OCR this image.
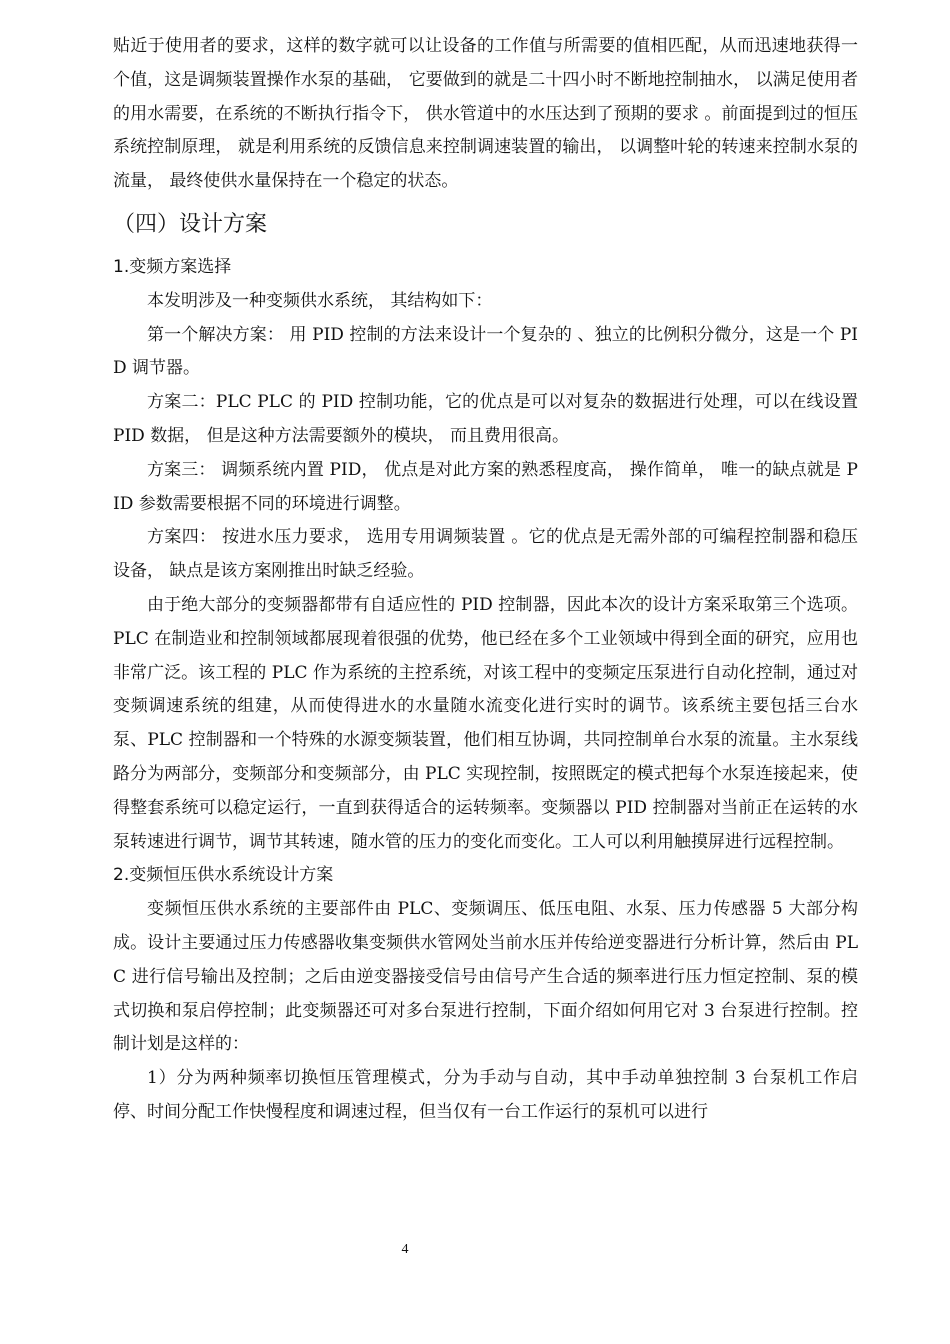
贴近于使用者的要求，这样的数字就可以让设备的工作值与所需要的值相匹配，从而迅速地获得一个值，这是调频装置操作水泵的基础， 它要做到的就是二十四小时不断地控制抽水， 以满足使用者的用水需要，在系统的不断执行指令下， 供水管道中的水压达到了预期的要求 。前面提到过的恒压系统控制原理， 就是利用系统的反馈信息来控制调速装置的输出， 以调整叶轮的转速来控制水泵的流量， 最终使供水量保持在一个稳定的状态。

（四）设计方案
1.变频方案选择

本发明涉及一种变频供水系统， 其结构如下：

第一个解决方案： 用 PID 控制的方法来设计一个复杂的 、独立的比例积分微分，这是一个 PID 调节器。

方案二：PLC PLC 的 PID 控制功能，它的优点是可以对复杂的数据进行处理，可以在线设置 PID 数据， 但是这种方法需要额外的模块， 而且费用很高。

方案三： 调频系统内置 PID， 优点是对此方案的熟悉程度高， 操作简单， 唯一的缺点就是 PID 参数需要根据不同的环境进行调整。

方案四： 按进水压力要求， 选用专用调频装置 。它的优点是无需外部的可编程控制器和稳压设备， 缺点是该方案刚推出时缺乏经验。

由于绝大部分的变频器都带有自适应性的 PID 控制器，因此本次的设计方案采取第三个选项。PLC 在制造业和控制领域都展现着很强的优势，他已经在多个工业领域中得到全面的研究，应用也非常广泛。该工程的 PLC 作为系统的主控系统，对该工程中的变频定压泵进行自动化控制，通过对变频调速系统的组建，从而使得进水的水量随水流变化进行实时的调节。该系统主要包括三台水泵、PLC 控制器和一个特殊的水源变频装置，他们相互协调，共同控制单台水泵的流量。主水泵线路分为两部分，变频部分和变频部分，由 PLC 实现控制，按照既定的模式把每个水泵连接起来，使得整套系统可以稳定运行，一直到获得适合的运转频率。变频器以 PID 控制器对当前正在运转的水泵转速进行调节，调节其转速，随水管的压力的变化而变化。工人可以利用触摸屏进行远程控制。

2.变频恒压供水系统设计方案

变频恒压供水系统的主要部件由 PLC、变频调压、低压电阻、水泵、压力传感器 5 大部分构成。设计主要通过压力传感器收集变频供水管网处当前水压并传给逆变器进行分析计算，然后由 PLC 进行信号输出及控制；之后由逆变器接受信号由信号产生合适的频率进行压力恒定控制、泵的模式切换和泵启停控制；此变频器还可对多台泵进行控制，下面介绍如何用它对 3 台泵进行控制。控制计划是这样的：

1）分为两种频率切换恒压管理模式，分为手动与自动，其中手动单独控制 3 台泵机工作启停、时间分配工作快慢程度和调速过程，但当仅有一台工作运行的泵机可以进行

4
